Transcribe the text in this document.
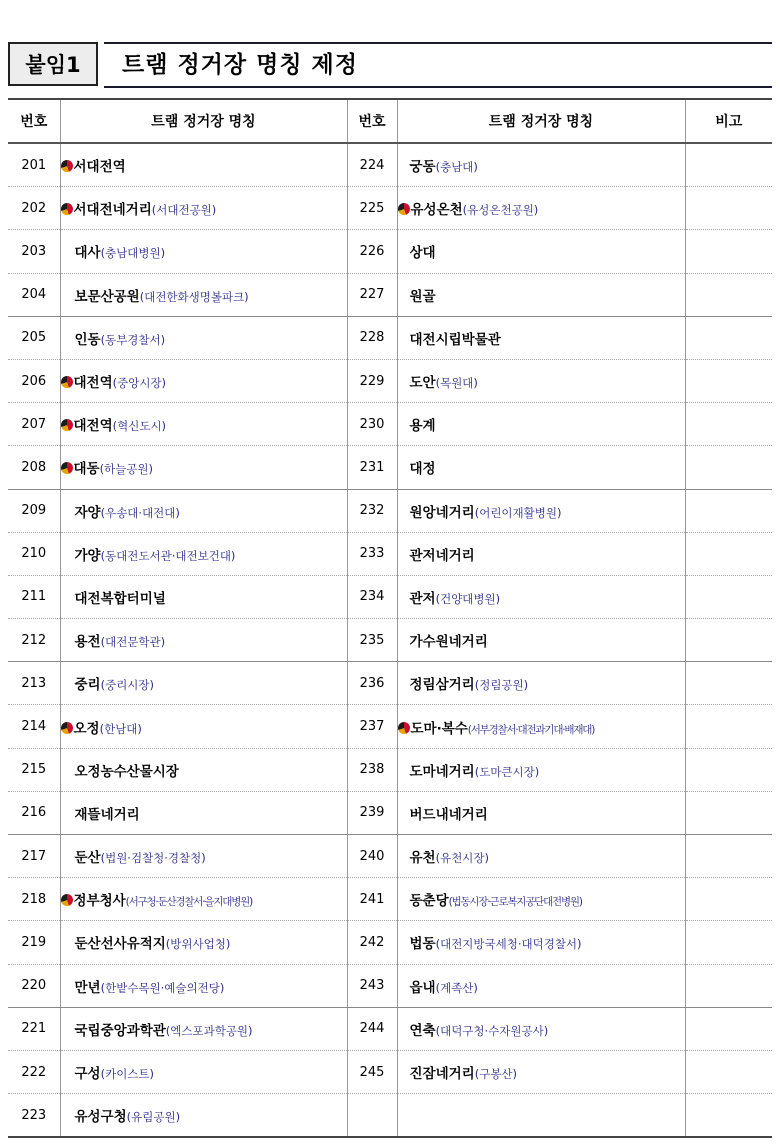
붙임1	트램 정거장 명칭 제정
번호	트램 정거장 명칭	번호	트램 정거장 명칭	비고
201	서대전역	224	궁동(충남대)	
202	서대전네거리(서대전공원)	225	유성온천(유성온천공원)	
203	대사(충남대병원)	226	상대	
204	보문산공원(대전한화생명볼파크)	227	원골	
205	인동(동부경찰서)	228	대전시립박물관	
206	대전역(중앙시장)	229	도안(목원대)	
207	대전역(혁신도시)	230	용계	
208	대동(하늘공원)	231	대정	
209	자양(우송대·대전대)	232	원앙네거리(어린이재활병원)	
210	가양(동대전도서관·대전보건대)	233	관저네거리	
211	대전복합터미널	234	관저(건양대병원)	
212	용전(대전문학관)	235	가수원네거리	
213	중리(중리시장)	236	정림삼거리(정림공원)	
214	오정(한남대)	237	도마·복수(서부경찰서·대전과기대·배재대)	
215	오정농수산물시장	238	도마네거리(도마큰시장)	
216	재뜰네거리	239	버드내네거리	
217	둔산(법원·검찰청·경찰청)	240	유천(유천시장)	
218	정부청사(서구청·둔산경찰서·을지대병원)	241	동춘당(법동시장·근로복지공단대전병원)	
219	둔산선사유적지(방위사업청)	242	법동(대전지방국세청·대덕경찰서)	
220	만년(한밭수목원·예술의전당)	243	읍내(계족산)	
221	국립중앙과학관(엑스포과학공원)	244	연축(대덕구청·수자원공사)	
222	구성(카이스트)	245	진잠네거리(구봉산)	
223	유성구청(유림공원)			
